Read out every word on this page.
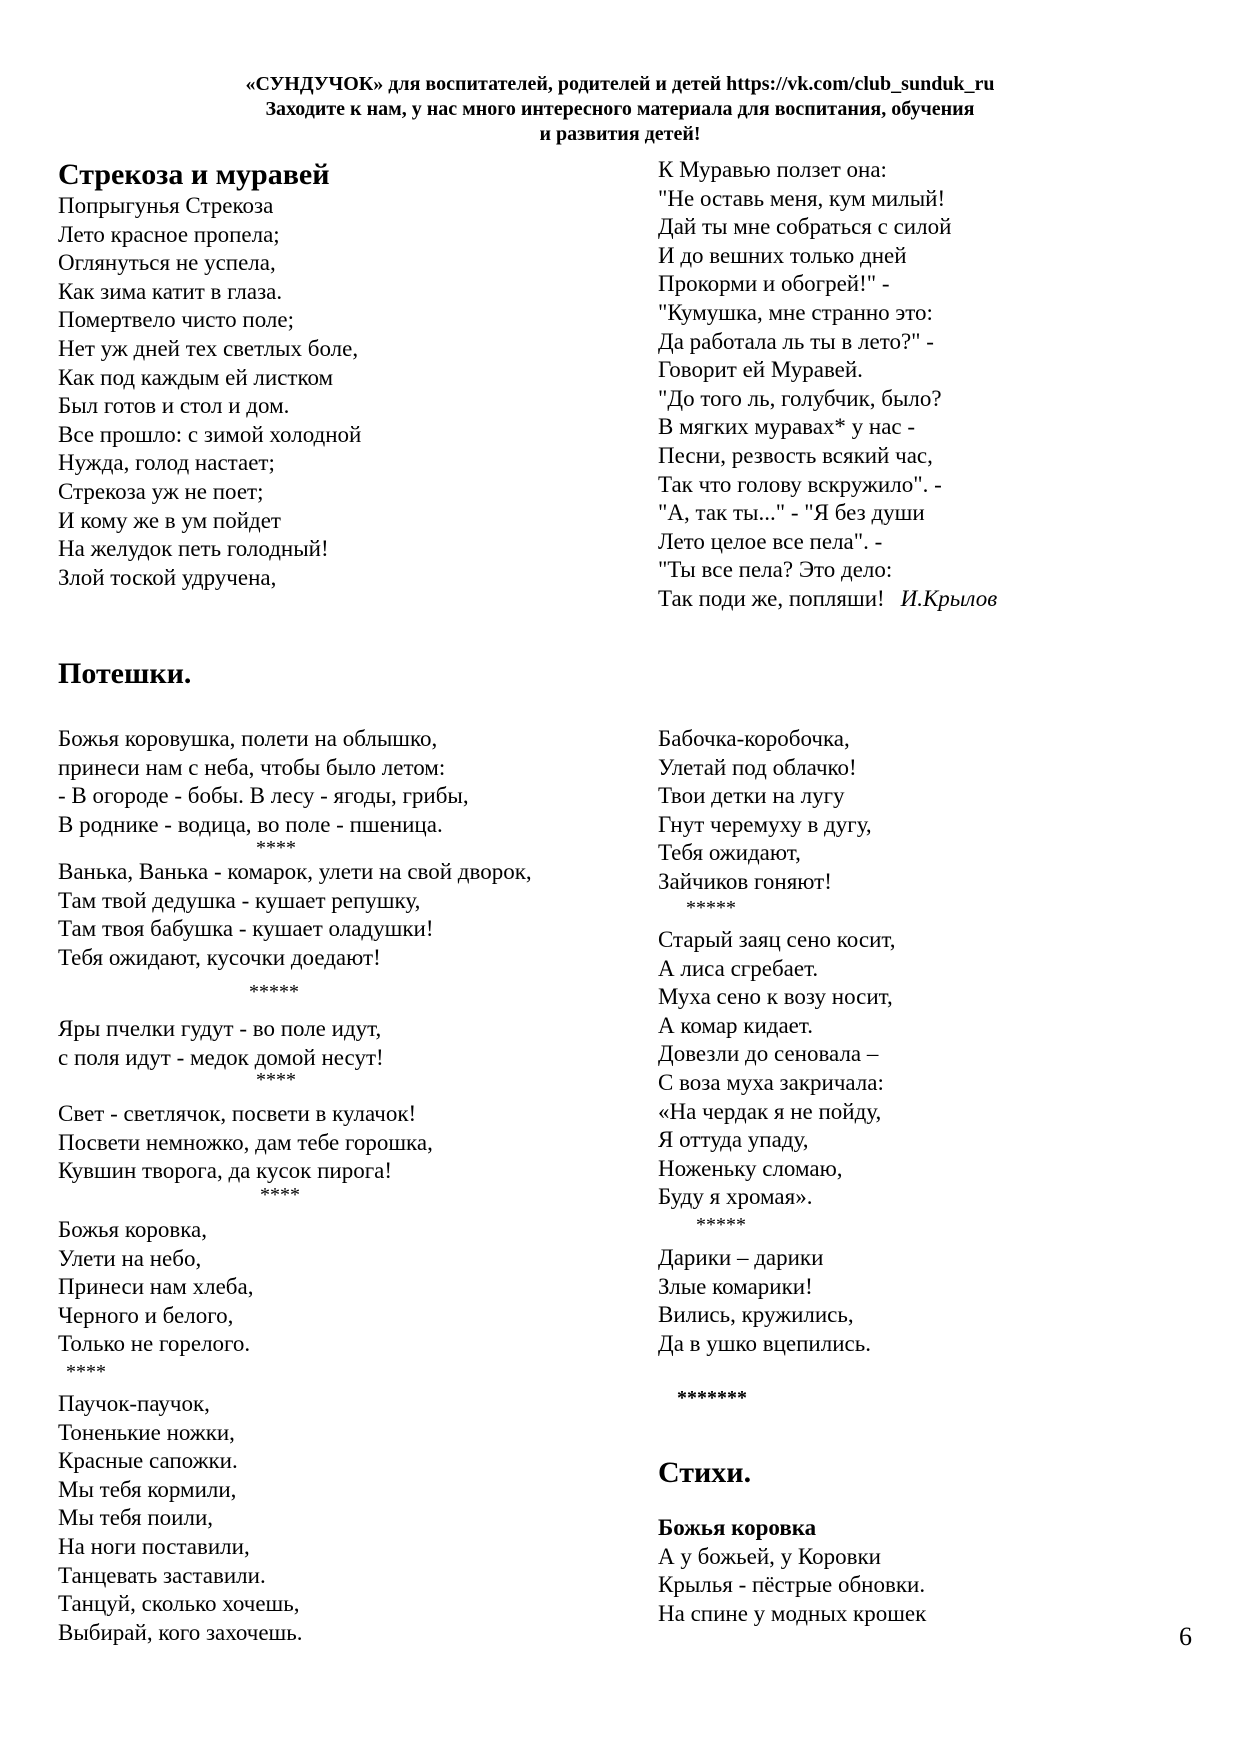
«СУНДУЧОК» для воспитателей, родителей и детей https://vk.com/club_sunduk_ru
Заходите к нам, у нас много интересного материала для воспитания, обучения
и развития детей!
Стрекоза и муравей
Попрыгунья Стрекоза
Лето красное пропела;
Оглянуться не успела,
Как зима катит в глаза.
Помертвело чисто поле;
Нет уж дней тех светлых боле,
Как под каждым ей листком
Был готов и стол и дом.
Все прошло: с зимой холодной
Нужда, голод настает;
Стрекоза уж не поет;
И кому же в ум пойдет
На желудок петь голодный!
Злой тоской удручена,
К Муравью ползет она:
"Не оставь меня, кум милый!
Дай ты мне собраться с силой
И до вешних только дней
Прокорми и обогрей!" -
"Кумушка, мне странно это:
Да работала ль ты в лето?" -
Говорит ей Муравей.
"До того ль, голубчик, было?
В мягких муравах* у нас -
Песни, резвость всякий час,
Так что голову вскружило". -
"А, так ты..." - "Я без души
Лето целое все пела". -
"Ты все пела? Это дело:
Так поди же, попляши! И.Крылов
Потешки.
Божья коровушка, полети на облышко,
принеси нам с неба, чтобы было летом:
- В огороде - бобы. В лесу - ягоды, грибы,
В роднике - водица, во поле - пшеница.
****
Ванька, Ванька - комарок, улети на свой дворок,
Там твой дедушка - кушает репушку,
Там твоя бабушка - кушает оладушки!
Тебя ожидают, кусочки доедают!
*****
Яры пчелки гудут - во поле идут,
с поля идут - медок домой несут!
****
Свет - светлячок, посвети в кулачок!
Посвети немножко, дам тебе горошка,
Кувшин творога, да кусок пирога!
****
Божья коровка,
Улети на небо,
Принеси нам хлеба,
Черного и белого,
Только не горелого.
****
Паучок-паучок,
Тоненькие ножки,
Красные сапожки.
Мы тебя кормили,
Мы тебя поили,
На ноги поставили,
Танцевать заставили.
Танцуй, сколько хочешь,
Выбирай, кого захочешь.
Бабочка-коробочка,
Улетай под облачко!
Твои детки на лугу
Гнут черемуху в дугу,
Тебя ожидают,
Зайчиков гоняют!
*****
Старый заяц сено косит,
А лиса сгребает.
Муха сено к возу носит,
А комар кидает.
Довезли до сеновала –
С воза муха закричала:
«На чердак я не пойду,
Я оттуда упаду,
Ноженьку сломаю,
Буду я хромая».
*****
Дарики – дарики
Злые комарики!
Вились, кружились,
Да в ушко вцепились.
*******
Стихи.
Божья коровка
А у божьей, у Коровки
Крылья - пёстрые обновки.
На спине у модных крошек
6
